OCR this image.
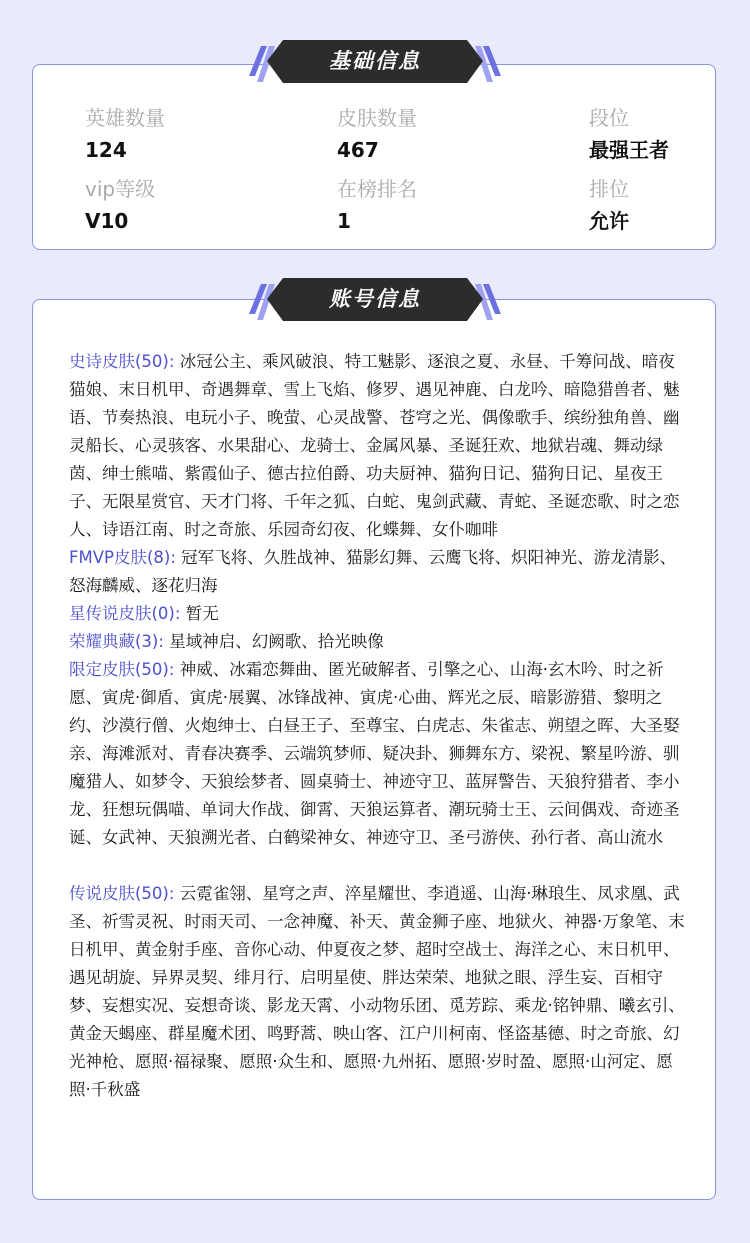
英雄数量
124
皮肤数量
467
段位
最强王者
vip等级
V10
在榜排名
1
排位
允许

史诗皮肤(50): 冰冠公主、乘风破浪、特工魅影、逐浪之夏、永昼、千筹问战、暗夜猫娘、末日机甲、奇遇舞章、雪上飞焰、修罗、遇见神鹿、白龙吟、暗隐猎兽者、魅语、节奏热浪、电玩小子、晚萤、心灵战警、苍穹之光、偶像歌手、缤纷独角兽、幽灵船长、心灵骇客、水果甜心、龙骑士、金属风暴、圣诞狂欢、地狱岩魂、舞动绿茵、绅士熊喵、紫霞仙子、德古拉伯爵、功夫厨神、猫狗日记、猫狗日记、星夜王子、无限星赏官、天才门将、千年之狐、白蛇、鬼剑武藏、青蛇、圣诞恋歌、时之恋人、诗语江南、时之奇旅、乐园奇幻夜、化蝶舞、女仆咖啡

FMVP皮肤(8): 冠军飞将、久胜战神、猫影幻舞、云鹰飞将、炽阳神光、游龙清影、怒海麟威、逐花归海

星传说皮肤(0): 暂无

荣耀典藏(3): 星域神启、幻阙歌、拾光映像

限定皮肤(50): 神威、冰霜恋舞曲、匿光破解者、引擎之心、山海·玄木吟、时之祈愿、寅虎·御盾、寅虎·展翼、冰锋战神、寅虎·心曲、辉光之辰、暗影游猎、黎明之约、沙漠行僧、火炮绅士、白昼王子、至尊宝、白虎志、朱雀志、朔望之晖、大圣娶亲、海滩派对、青春决赛季、云端筑梦师、疑决卦、狮舞东方、梁祝、繁星吟游、驯魔猎人、如梦令、天狼绘梦者、圆桌骑士、神迹守卫、蓝屏警告、天狼狩猎者、李小龙、狂想玩偶喵、单词大作战、御霄、天狼运算者、潮玩骑士王、云间偶戏、奇迹圣诞、女武神、天狼溯光者、白鹤梁神女、神迹守卫、圣弓游侠、孙行者、高山流水

传说皮肤(50): 云霓雀翎、星穹之声、淬星耀世、李逍遥、山海·琳琅生、凤求凰、武圣、祈雪灵祝、时雨天司、一念神魔、补天、黄金狮子座、地狱火、神器·万象笔、末日机甲、黄金射手座、音你心动、仲夏夜之梦、超时空战士、海洋之心、末日机甲、遇见胡旋、异界灵契、绯月行、启明星使、胖达荣荣、地狱之眼、浮生妄、百相守梦、妄想实况、妄想奇谈、影龙天霄、小动物乐团、觅芳踪、乘龙·铭钟鼎、曦玄引、黄金天蝎座、群星魔术团、鸣野蒿、映山客、江户川柯南、怪盗基德、时之奇旅、幻光神枪、愿照·福禄聚、愿照·众生和、愿照·九州拓、愿照·岁时盈、愿照·山河定、愿照·千秋盛

基础信息
账号信息
